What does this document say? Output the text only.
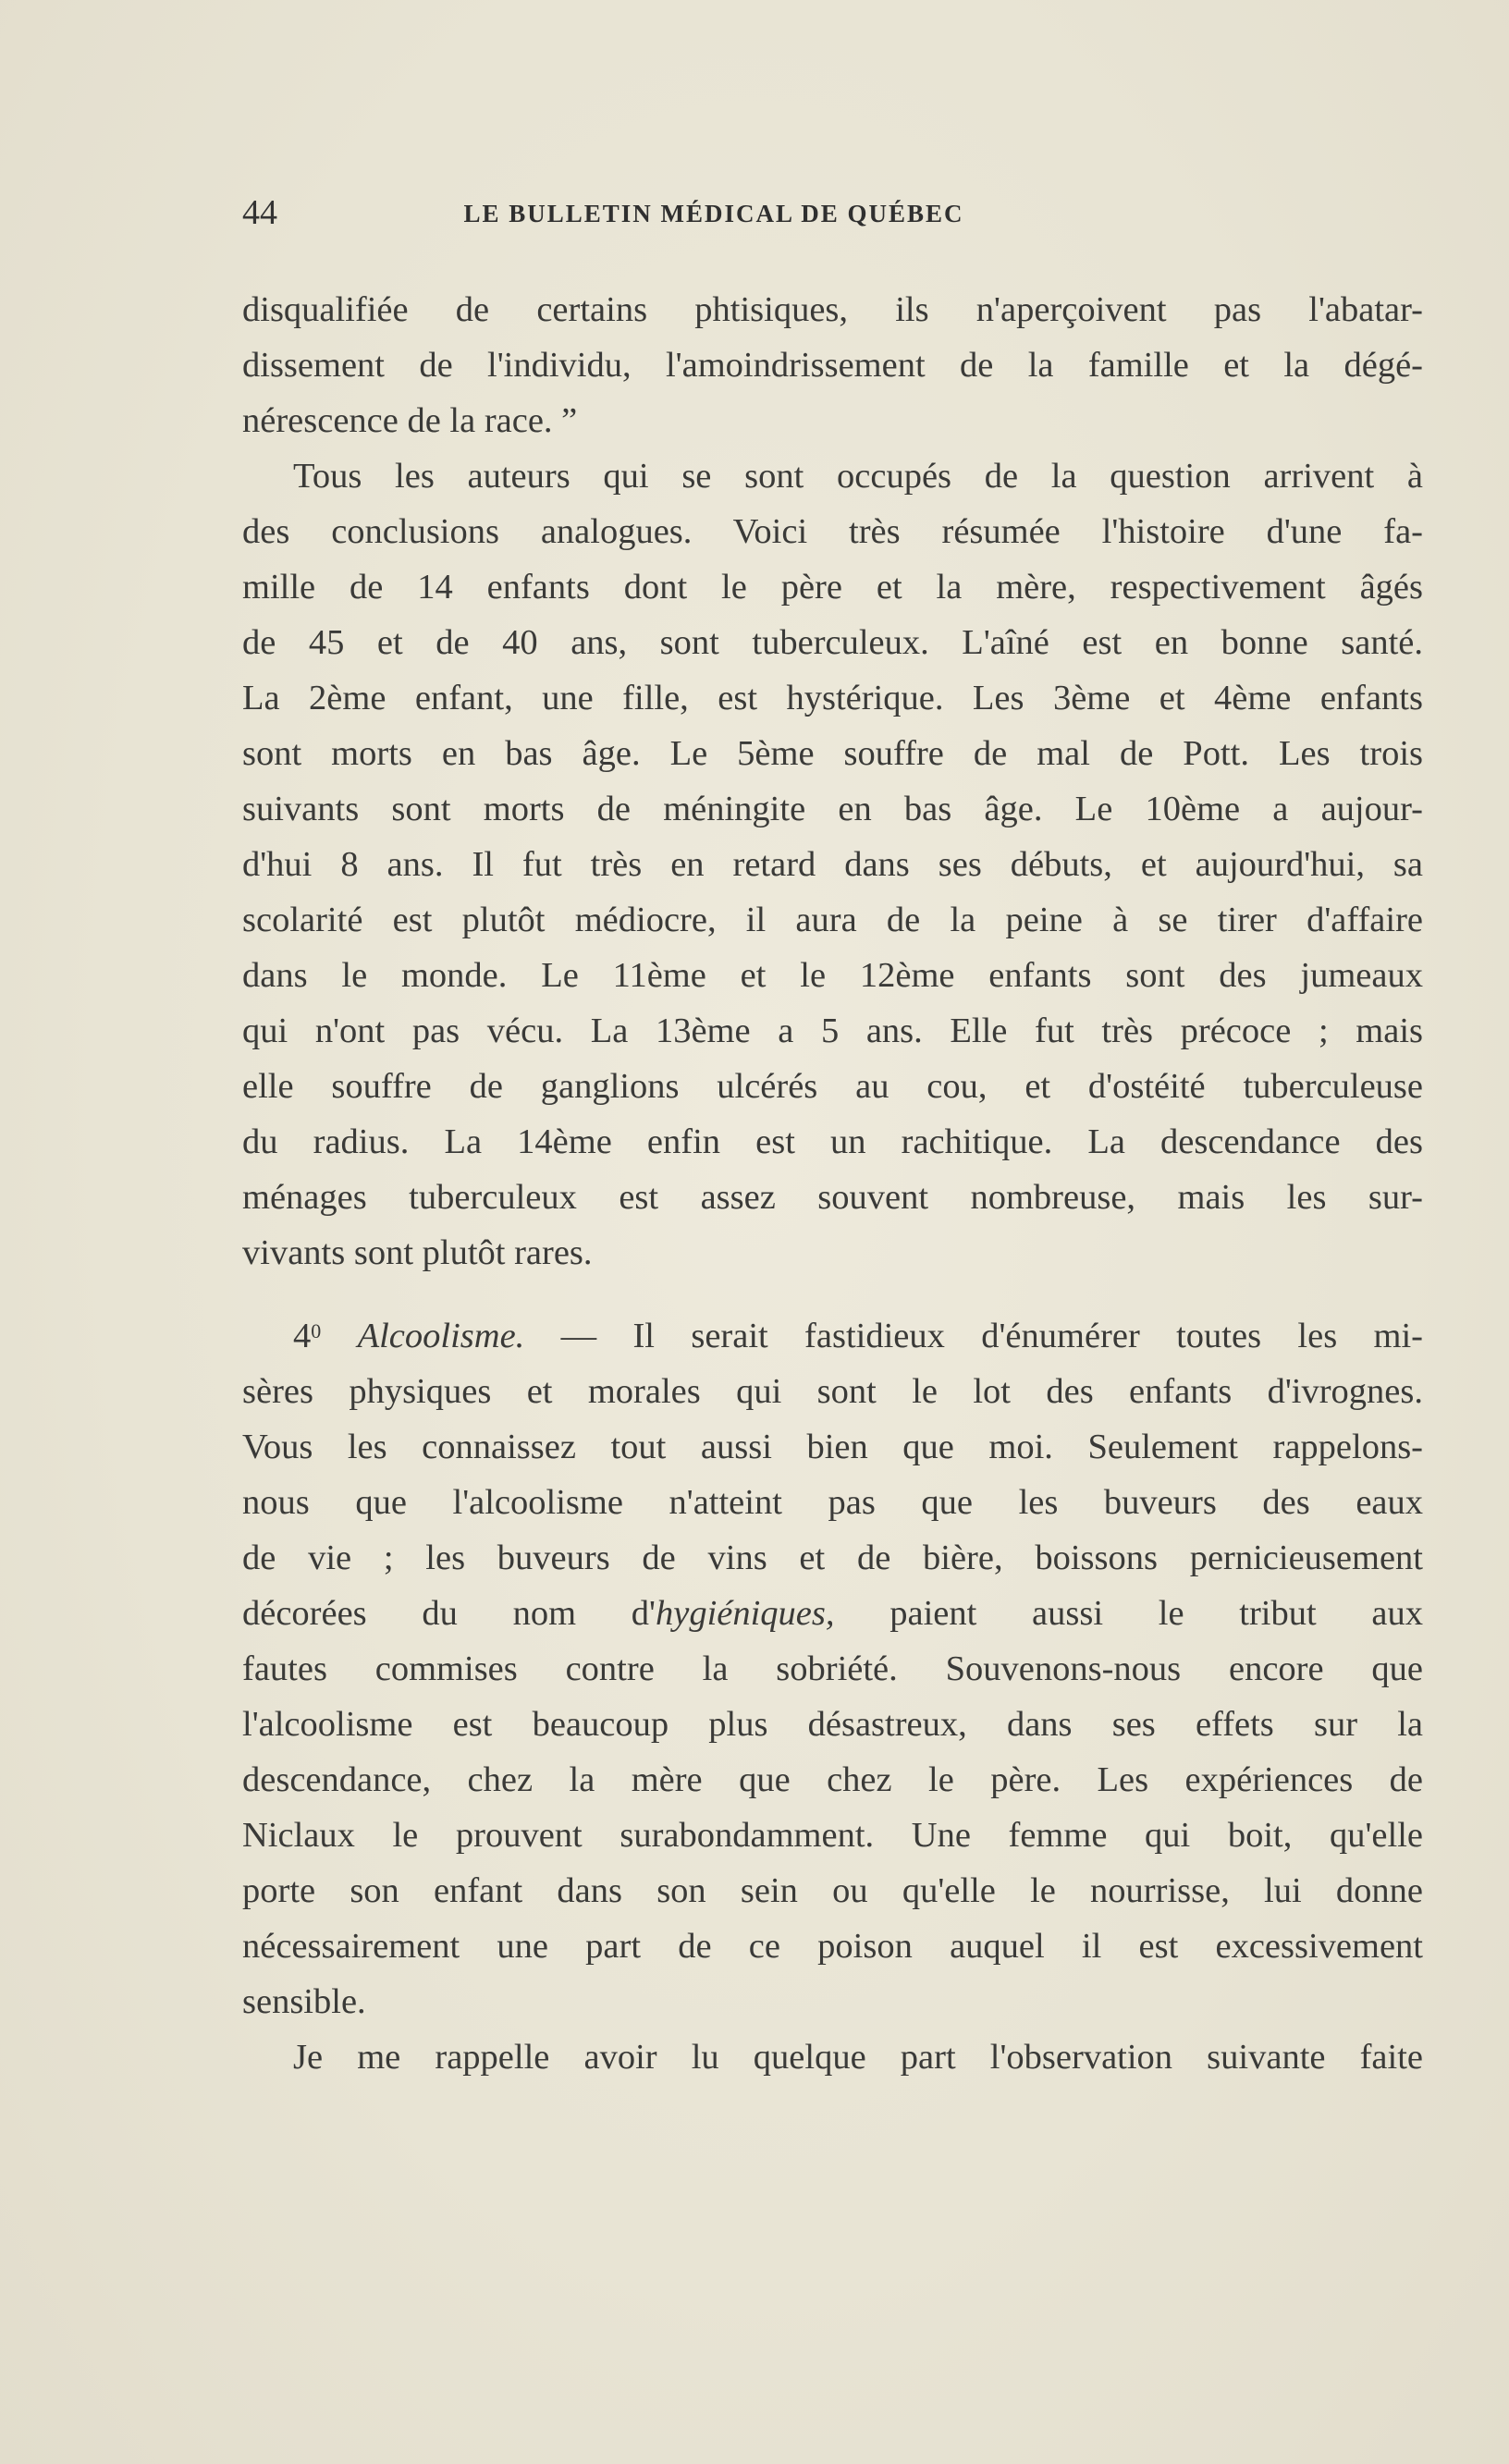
44	LE BULLETIN MÉDICAL DE QUÉBEC
disqualifiée de certains phtisiques, ils n'aperçoivent pas l'abatar-
dissement de l'individu, l'amoindrissement de la famille et la dégé-
nérescence de la race. ”
Tous les auteurs qui se sont occupés de la question arrivent à
des conclusions analogues. Voici très résumée l'histoire d'une fa-
mille de 14 enfants dont le père et la mère, respectivement âgés
de 45 et de 40 ans, sont tuberculeux. L'aîné est en bonne santé.
La 2ème enfant, une fille, est hystérique. Les 3ème et 4ème enfants
sont morts en bas âge. Le 5ème souffre de mal de Pott. Les trois
suivants sont morts de méningite en bas âge. Le 10ème a aujour-
d'hui 8 ans. Il fut très en retard dans ses débuts, et aujourd'hui, sa
scolarité est plutôt médiocre, il aura de la peine à se tirer d'affaire
dans le monde. Le 11ème et le 12ème enfants sont des jumeaux
qui n'ont pas vécu. La 13ème a 5 ans. Elle fut très précoce ; mais
elle souffre de ganglions ulcérés au cou, et d'ostéité tuberculeuse
du radius. La 14ème enfin est un rachitique. La descendance des
ménages tuberculeux est assez souvent nombreuse, mais les sur-
vivants sont plutôt rares.
$4^0$ Alcoolisme. — Il serait fastidieux d'énumérer toutes les mi-
sères physiques et morales qui sont le lot des enfants d'ivrognes.
Vous les connaissez tout aussi bien que moi. Seulement rappelons-
nous que l'alcoolisme n'atteint pas que les buveurs des eaux
de vie ; les buveurs de vins et de bière, boissons pernicieusement
décorées du nom d'hygiéniques, paient aussi le tribut aux
fautes commises contre la sobriété. Souvenons-nous encore que
l'alcoolisme est beaucoup plus désastreux, dans ses effets sur la
descendance, chez la mère que chez le père. Les expériences de
Niclaux le prouvent surabondamment. Une femme qui boit, qu'elle
porte son enfant dans son sein ou qu'elle le nourrisse, lui donne
nécessairement une part de ce poison auquel il est excessivement
sensible.
Je me rappelle avoir lu quelque part l'observation suivante faite
